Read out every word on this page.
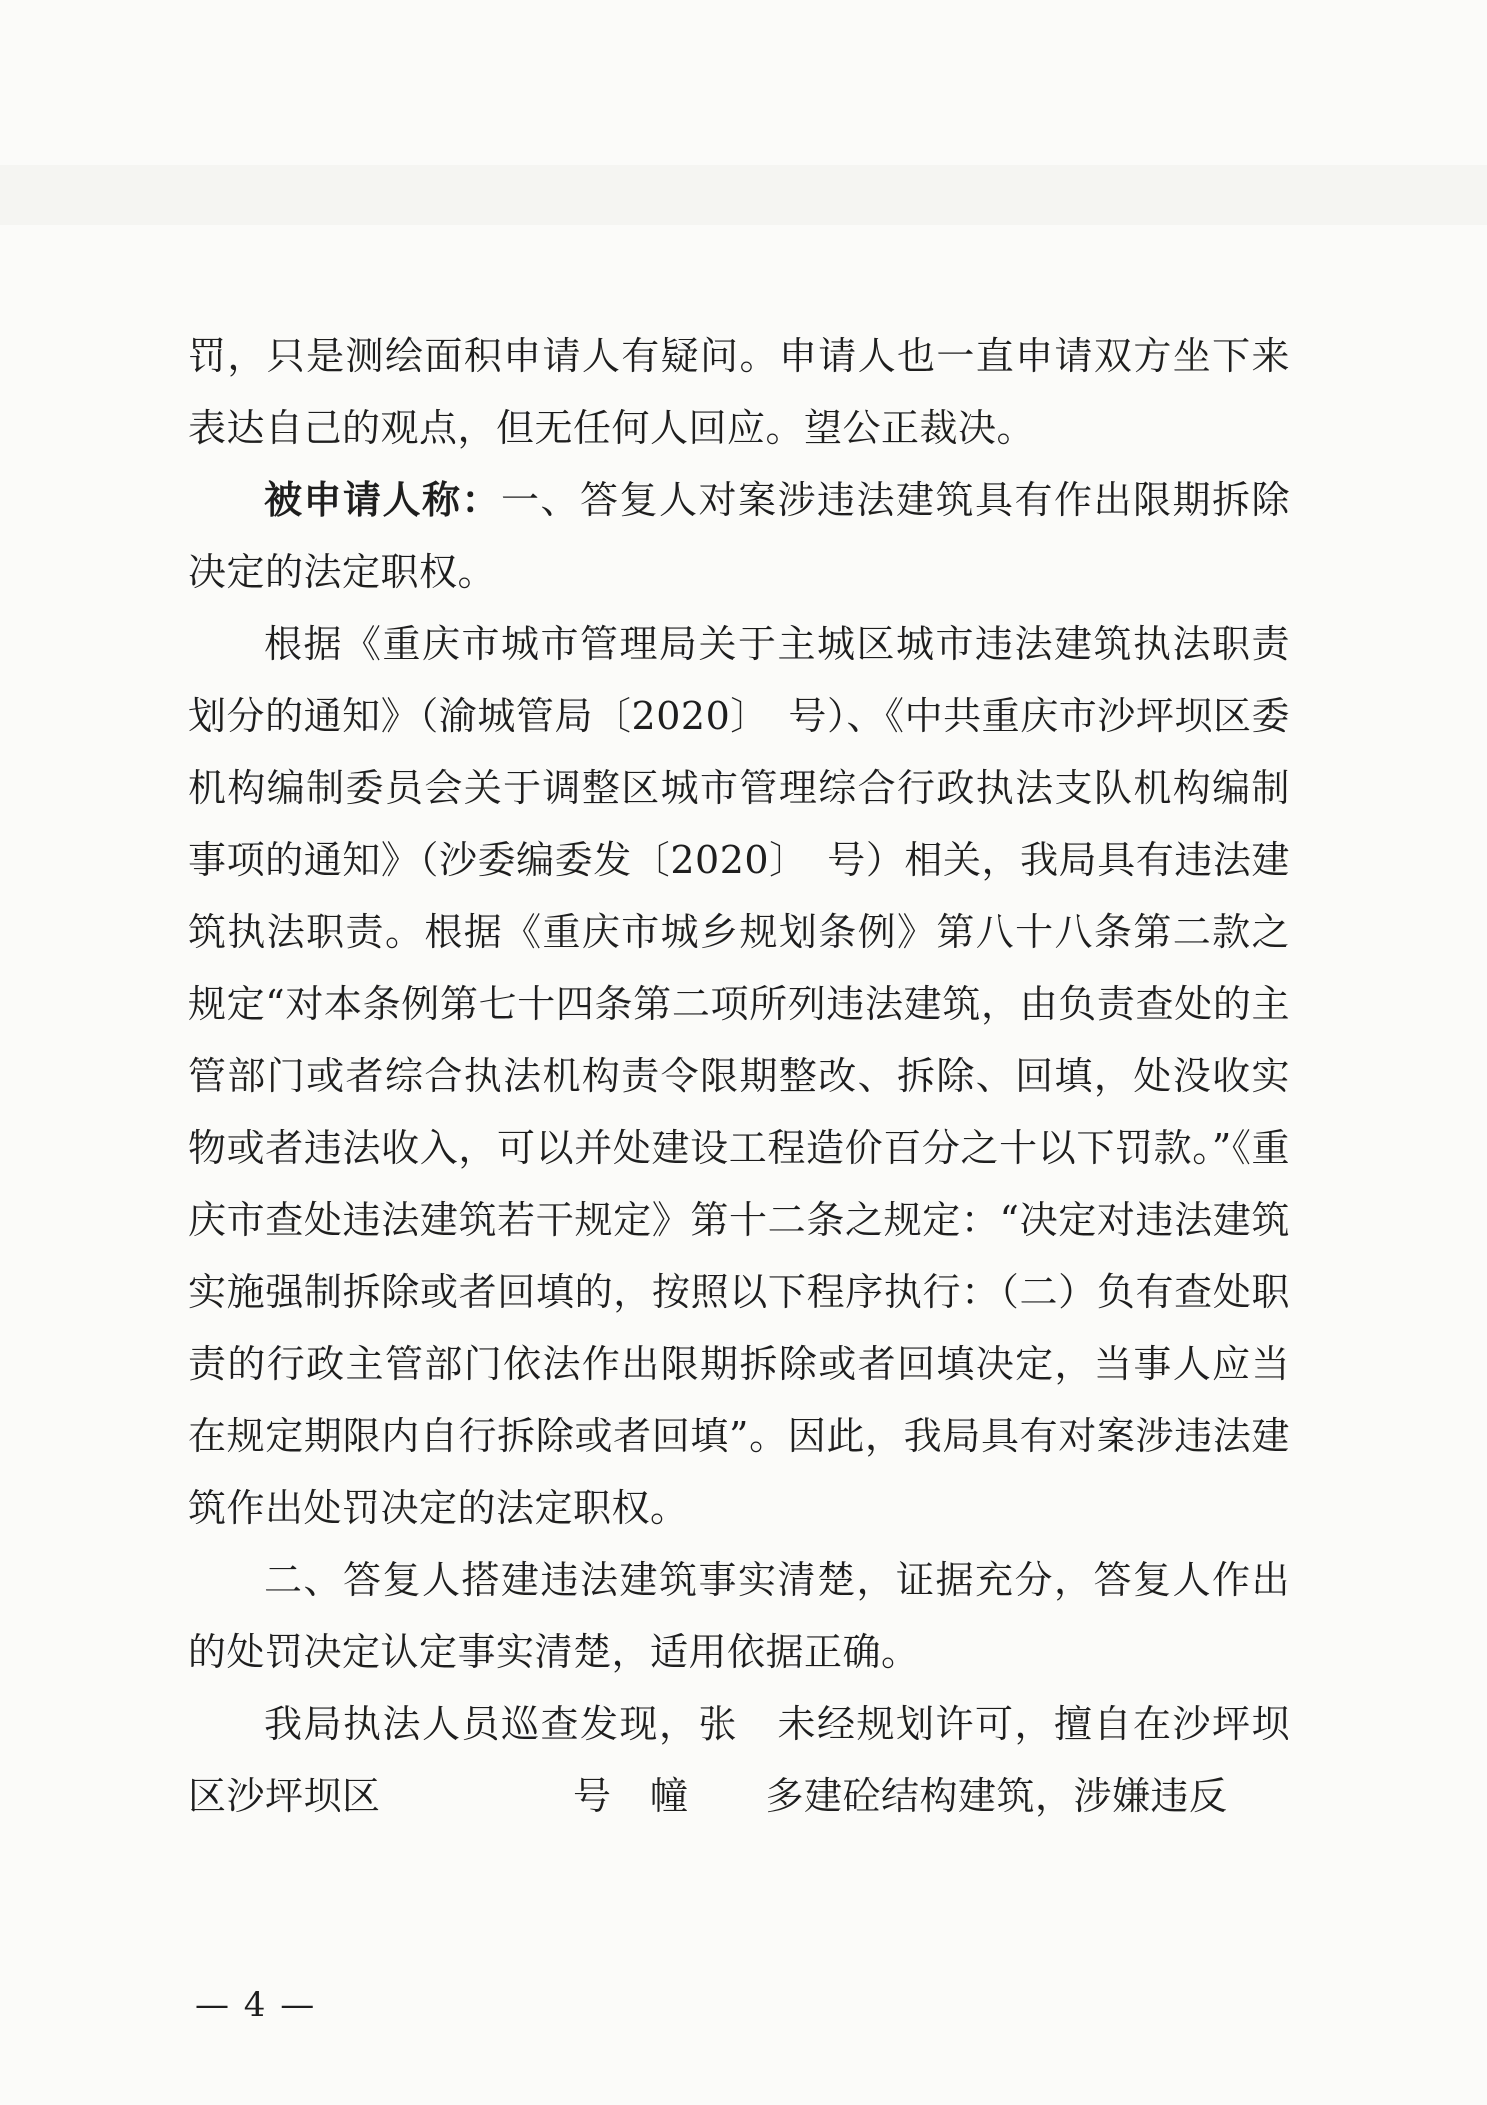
罚，只是测绘面积申请人有疑问。申请人也一直申请双方坐下来表达自己的观点，但无任何人回应。望公正裁决。

被申请人称：一、答复人对案涉违法建筑具有作出限期拆除决定的法定职权。

根据《重庆市城市管理局关于主城区城市违法建筑执法职责划分的通知》（渝城管局〔2020〕　号）、《中共重庆市沙坪坝区委机构编制委员会关于调整区城市管理综合行政执法支队机构编制事项的通知》（沙委编委发〔2020〕　号）相关，我局具有违法建筑执法职责。根据《重庆市城乡规划条例》第八十八条第二款之规定“对本条例第七十四条第二项所列违法建筑，由负责查处的主管部门或者综合执法机构责令限期整改、拆除、回填，处没收实物或者违法收入，可以并处建设工程造价百分之十以下罚款。”《重庆市查处违法建筑若干规定》第十二条之规定：“决定对违法建筑实施强制拆除或者回填的，按照以下程序执行：（二）负有查处职责的行政主管部门依法作出限期拆除或者回填决定，当事人应当在规定期限内自行拆除或者回填”。因此，我局具有对案涉违法建筑作出处罚决定的法定职权。

二、答复人搭建违法建筑事实清楚，证据充分，答复人作出的处罚决定认定事实清楚，适用依据正确。

我局执法人员巡查发现，张　未经规划许可，擅自在沙坪坝区沙坪坝区　　　　　号　幢　　多建砼结构建筑，涉嫌违反

— 4 —
